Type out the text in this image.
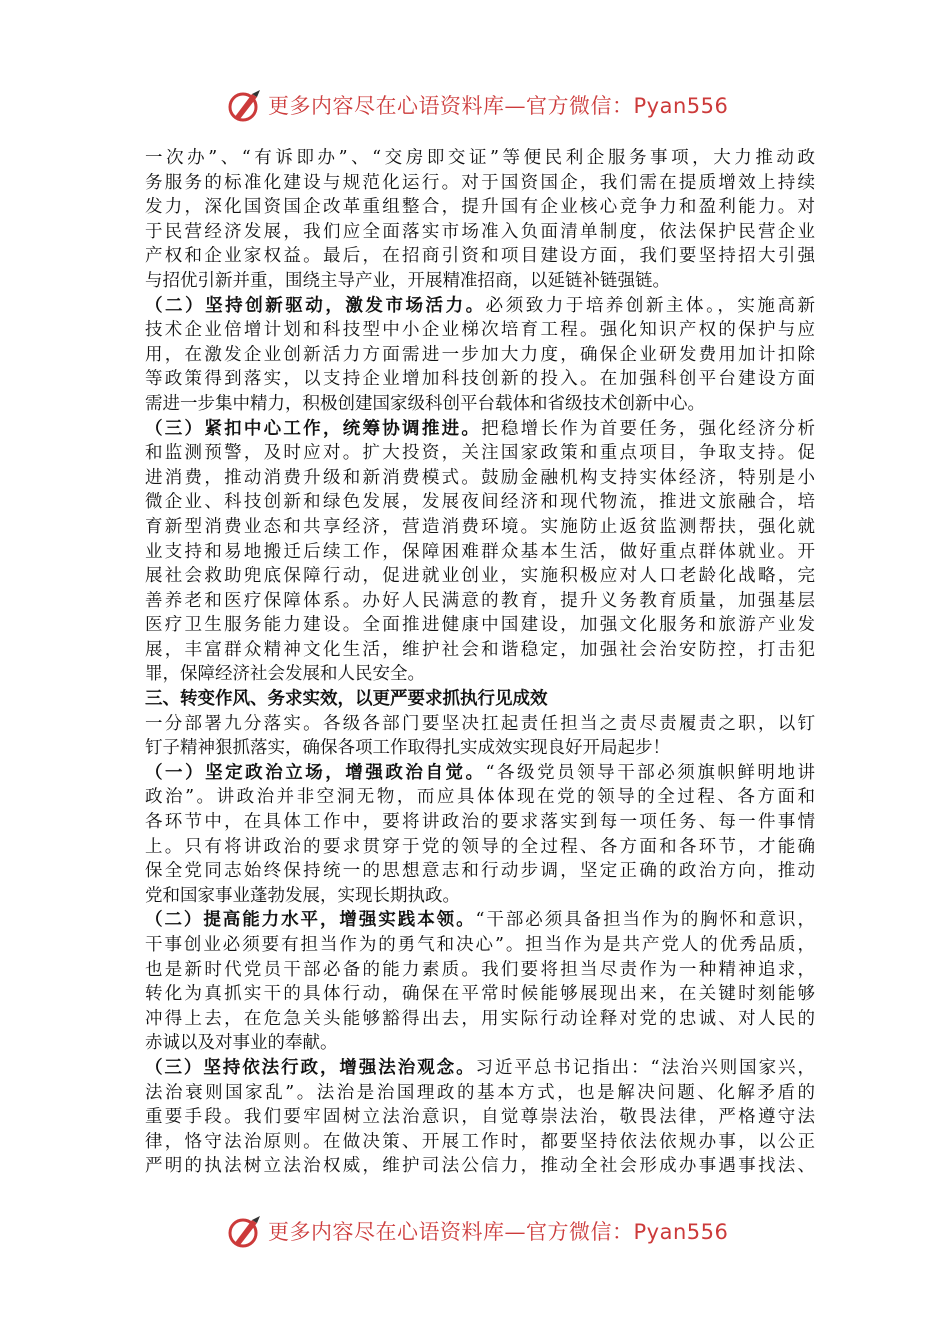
更多内容尽在心语资料库—官方微信：Pyan556
一次办”、“有诉即办”、“交房即交证”等便民利企服务事项，大力推动政
务服务的标准化建设与规范化运行。对于国资国企，我们需在提质增效上持续
发力，深化国资国企改革重组整合，提升国有企业核心竞争力和盈利能力。对
于民营经济发展，我们应全面落实市场准入负面清单制度，依法保护民营企业
产权和企业家权益。最后，在招商引资和项目建设方面，我们要坚持招大引强
与招优引新并重，围绕主导产业，开展精准招商，以延链补链强链。
（二）坚持创新驱动，激发市场活力。必须致力于培养创新主体。，实施高新
技术企业倍增计划和科技型中小企业梯次培育工程。强化知识产权的保护与应
用，在激发企业创新活力方面需进一步加大力度，确保企业研发费用加计扣除
等政策得到落实，以支持企业增加科技创新的投入。在加强科创平台建设方面
需进一步集中精力，积极创建国家级科创平台载体和省级技术创新中心。
（三）紧扣中心工作，统筹协调推进。把稳增长作为首要任务，强化经济分析
和监测预警，及时应对。扩大投资，关注国家政策和重点项目，争取支持。促
进消费，推动消费升级和新消费模式。鼓励金融机构支持实体经济，特别是小
微企业、科技创新和绿色发展，发展夜间经济和现代物流，推进文旅融合，培
育新型消费业态和共享经济，营造消费环境。实施防止返贫监测帮扶，强化就
业支持和易地搬迁后续工作，保障困难群众基本生活，做好重点群体就业。开
展社会救助兜底保障行动，促进就业创业，实施积极应对人口老龄化战略，完
善养老和医疗保障体系。办好人民满意的教育，提升义务教育质量，加强基层
医疗卫生服务能力建设。全面推进健康中国建设，加强文化服务和旅游产业发
展，丰富群众精神文化生活，维护社会和谐稳定，加强社会治安防控，打击犯
罪，保障经济社会发展和人民安全。
三、转变作风、务求实效，以更严要求抓执行见成效
一分部署九分落实。各级各部门要坚决扛起责任担当之责尽责履责之职，以钉
钉子精神狠抓落实，确保各项工作取得扎实成效实现良好开局起步！
（一）坚定政治立场，增强政治自觉。“各级党员领导干部必须旗帜鲜明地讲
政治”。讲政治并非空洞无物，而应具体体现在党的领导的全过程、各方面和
各环节中，在具体工作中，要将讲政治的要求落实到每一项任务、每一件事情
上。只有将讲政治的要求贯穿于党的领导的全过程、各方面和各环节，才能确
保全党同志始终保持统一的思想意志和行动步调，坚定正确的政治方向，推动
党和国家事业蓬勃发展，实现长期执政。
（二）提高能力水平，增强实践本领。“干部必须具备担当作为的胸怀和意识，
干事创业必须要有担当作为的勇气和决心”。担当作为是共产党人的优秀品质，
也是新时代党员干部必备的能力素质。我们要将担当尽责作为一种精神追求，
转化为真抓实干的具体行动，确保在平常时候能够展现出来，在关键时刻能够
冲得上去，在危急关头能够豁得出去，用实际行动诠释对党的忠诚、对人民的
赤诚以及对事业的奉献。
（三）坚持依法行政，增强法治观念。习近平总书记指出：“法治兴则国家兴，
法治衰则国家乱”。法治是治国理政的基本方式，也是解决问题、化解矛盾的
重要手段。我们要牢固树立法治意识，自觉尊崇法治，敬畏法律，严格遵守法
律，恪守法治原则。在做决策、开展工作时，都要坚持依法依规办事，以公正
严明的执法树立法治权威，维护司法公信力，推动全社会形成办事遇事找法、
更多内容尽在心语资料库—官方微信：Pyan556
